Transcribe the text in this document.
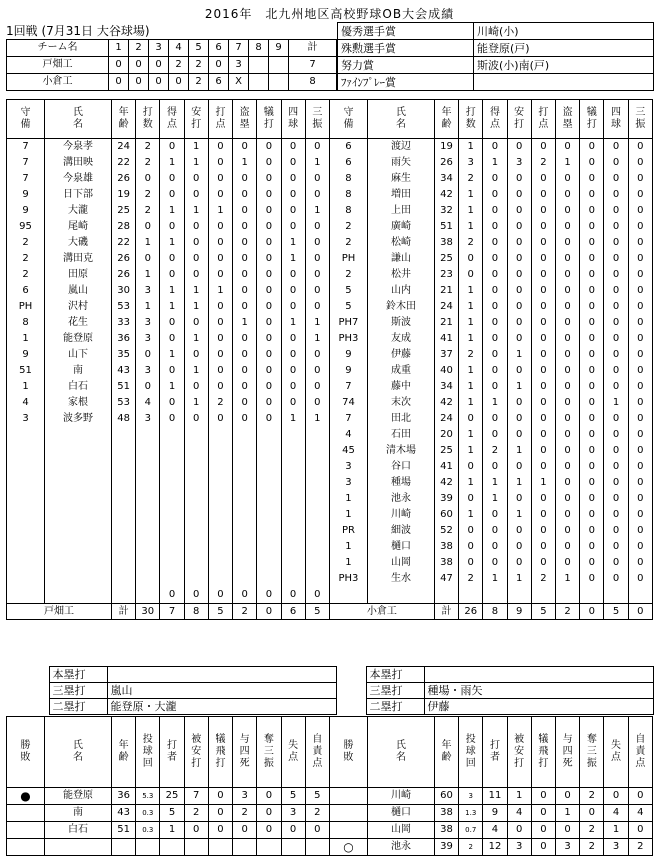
2016年　北九州地区高校野球OB大会成績
1回戦 (7月31日 大谷球場)
チーム名	1	2	3	4	5	6	7	8	9	計
戸畑工	0	0	0	2	2	0	3			7
小倉工	0	0	0	0	2	6	X			8
優秀選手賞	川崎(小)
殊勲選手賞	能登原(戸)
努力賞	斯波(小)南(戸)
ﾌｧｲﾝﾌﾟﾚｰ賞	
守備	氏名	年齢	打数	得点	安打	打点	盗塁	犠打	四球	三振	守備	氏名	年齢	打数	得点	安打	打点	盗塁	犠打	四球	三振
7	今泉孝	24	2	0	1	0	0	0	0	0	6	渡辺	19	1	0	0	0	0	0	0	0
7	溝田映	22	2	1	1	0	1	0	0	1	6	雨矢	26	3	1	3	2	1	0	0	0
7	今泉雄	26	0	0	0	0	0	0	0	0	8	麻生	34	2	0	0	0	0	0	0	0
9	日下部	19	2	0	0	0	0	0	0	0	8	増田	42	1	0	0	0	0	0	0	0
9	大瀧	25	2	1	1	1	0	0	0	1	8	上田	32	1	0	0	0	0	0	0	0
95	尾崎	28	0	0	0	0	0	0	0	0	2	廣崎	51	1	0	0	0	0	0	0	0
2	大磯	22	1	1	0	0	0	0	1	0	2	松崎	38	2	0	0	0	0	0	0	0
2	溝田克	26	0	0	0	0	0	0	1	0	PH	謙山	25	0	0	0	0	0	0	0	0
2	田原	26	1	0	0	0	0	0	0	0	2	松井	23	0	0	0	0	0	0	0	0
6	嵐山	30	3	1	1	1	0	0	0	0	5	山内	21	1	0	0	0	0	0	0	0
PH	沢村	53	1	1	1	0	0	0	0	0	5	鈴木田	24	1	0	0	0	0	0	0	0
8	花生	33	3	0	0	0	1	0	1	1	PH7	斯波	21	1	0	0	0	0	0	0	0
1	能登原	36	3	0	1	0	0	0	0	1	PH3	友成	41	1	0	0	0	0	0	0	0
9	山下	35	0	1	0	0	0	0	0	0	9	伊藤	37	2	0	1	0	0	0	0	0
51	南	43	3	0	1	0	0	0	0	0	9	成重	40	1	0	0	0	0	0	0	0
1	白石	51	0	1	0	0	0	0	0	0	7	藤中	34	1	0	1	0	0	0	0	0
4	家根	53	4	0	1	2	0	0	0	0	74	末次	42	1	1	0	0	0	0	1	0
3	波多野	48	3	0	0	0	0	0	1	1	7	田北	24	0	0	0	0	0	0	0	0
											4	石田	20	1	0	0	0	0	0	0	0
											45	清木場	25	1	2	1	0	0	0	0	0
											3	谷口	41	0	0	0	0	0	0	0	0
											3	種場	42	1	1	1	1	0	0	0	0
											1	池永	39	0	1	0	0	0	0	0	0
											1	川崎	60	1	0	1	0	0	0	0	0
											PR	細波	52	0	0	0	0	0	0	0	0
											1	樋口	38	0	0	0	0	0	0	0	0
											1	山岡	38	0	0	0	0	0	0	0	0
											PH3	生水	47	2	1	1	2	1	0	0	0
				0	0	0	0	0	0	0											
戸畑工		計	30	7	8	5	2	0	6	5	小倉工		計	26	8	9	5	2	0	5	0
	本塁打			本塁打	
	三塁打	嵐山		三塁打	種場・雨矢
	二塁打	能登原・大瀧		二塁打	伊藤
勝敗	氏名	年齢	投球回	打者	被安打	犠飛打	与四死	奪三振	失点	自責点	勝敗	氏名	年齢	投球回	打者	被安打	犠飛打	与四死	奪三振	失点	自責点
●	能登原	36	5.3	25	7	0	3	0	5	5		川崎	60	3	11	1	0	0	2	0	0
	南	43	0.3	5	2	0	2	0	3	2		樋口	38	1.3	9	4	0	1	0	4	4
	白石	51	0.3	1	0	0	0	0	0	0		山岡	38	0.7	4	0	0	0	2	1	0
											○	池永	39	2	12	3	0	3	2	3	2
